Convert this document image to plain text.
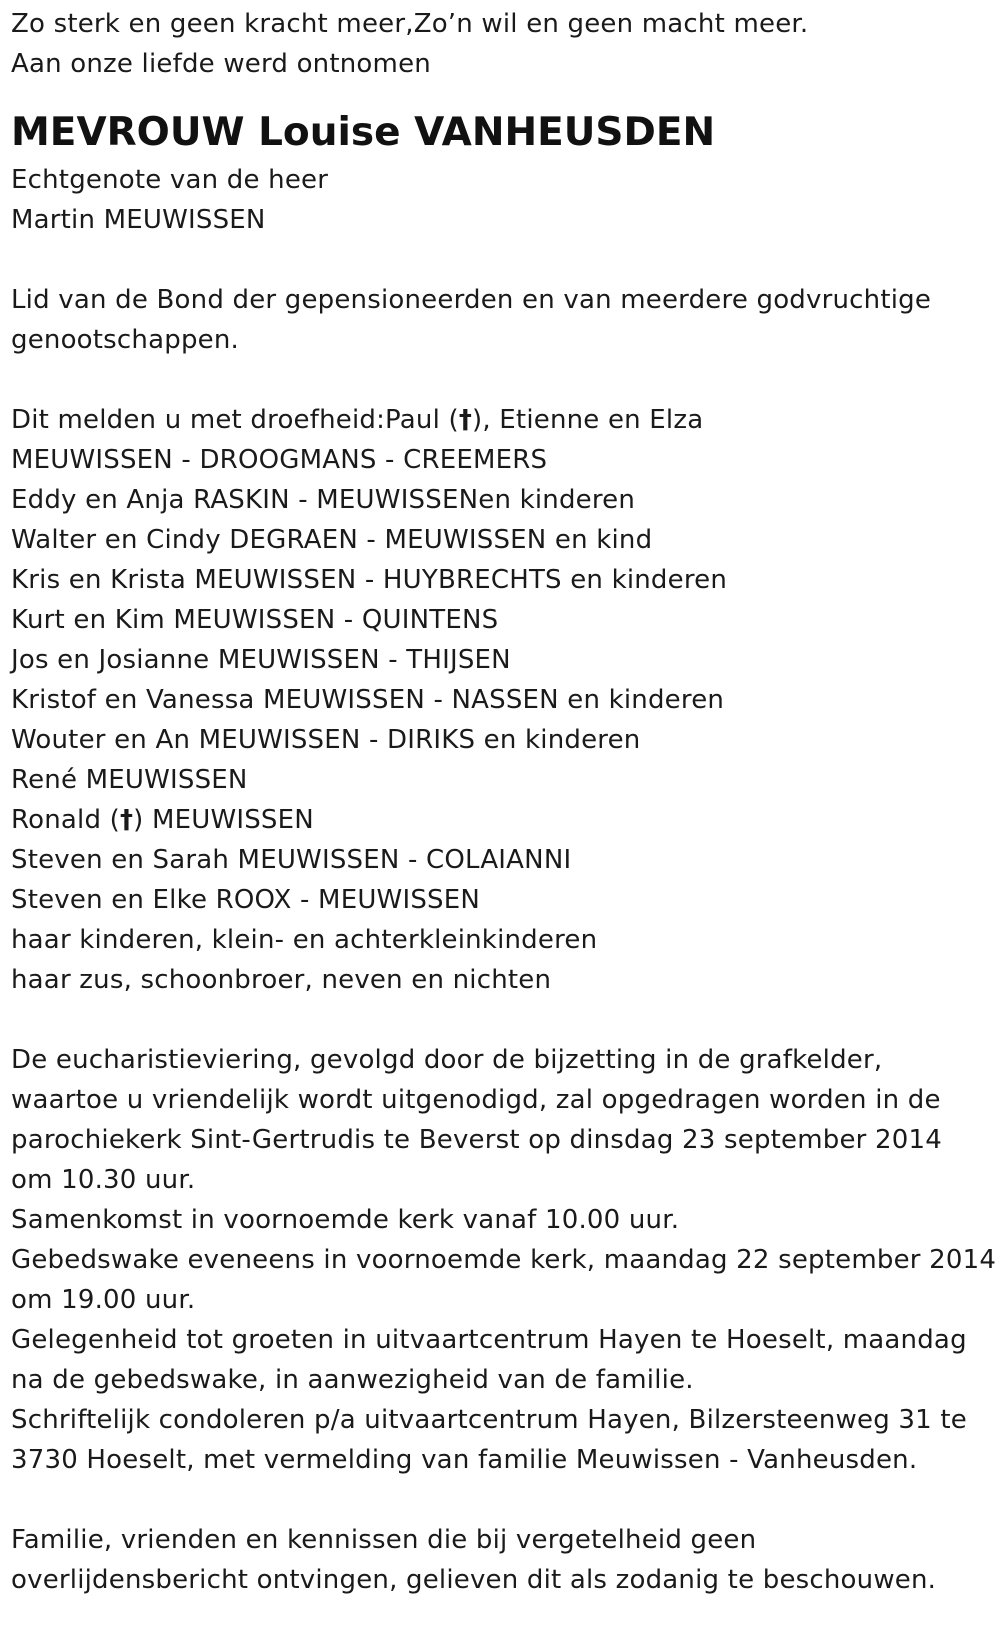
Zo sterk en geen kracht meer,Zo’n wil en geen macht meer.
Aan onze liefde werd ontnomen
MEVROUW Louise VANHEUSDEN
Echtgenote van de heer
Martin MEUWISSEN
Lid van de Bond der gepensioneerden en van meerdere godvruchtige
genootschappen.
Dit melden u met droefheid:Paul (†), Etienne en Elza
MEUWISSEN - DROOGMANS - CREEMERS
Eddy en Anja RASKIN - MEUWISSENen kinderen
Walter en Cindy DEGRAEN - MEUWISSEN en kind
Kris en Krista MEUWISSEN - HUYBRECHTS en kinderen
Kurt en Kim MEUWISSEN - QUINTENS
Jos en Josianne MEUWISSEN - THIJSEN
Kristof en Vanessa MEUWISSEN - NASSEN en kinderen
Wouter en An MEUWISSEN - DIRIKS en kinderen
René MEUWISSEN
Ronald (†) MEUWISSEN
Steven en Sarah MEUWISSEN - COLAIANNI
Steven en Elke ROOX - MEUWISSEN
haar kinderen, klein- en achterkleinkinderen
haar zus, schoonbroer, neven en nichten
De eucharistieviering, gevolgd door de bijzetting in de grafkelder,
waartoe u vriendelijk wordt uitgenodigd, zal opgedragen worden in de
parochiekerk Sint-Gertrudis te Beverst op dinsdag 23 september 2014
om 10.30 uur.
Samenkomst in voornoemde kerk vanaf 10.00 uur.
Gebedswake eveneens in voornoemde kerk, maandag 22 september 2014
om 19.00 uur.
Gelegenheid tot groeten in uitvaartcentrum Hayen te Hoeselt, maandag
na de gebedswake, in aanwezigheid van de familie.
Schriftelijk condoleren p/a uitvaartcentrum Hayen, Bilzersteenweg 31 te
3730 Hoeselt, met vermelding van familie Meuwissen - Vanheusden.
Familie, vrienden en kennissen die bij vergetelheid geen
overlijdensbericht ontvingen, gelieven dit als zodanig te beschouwen.
